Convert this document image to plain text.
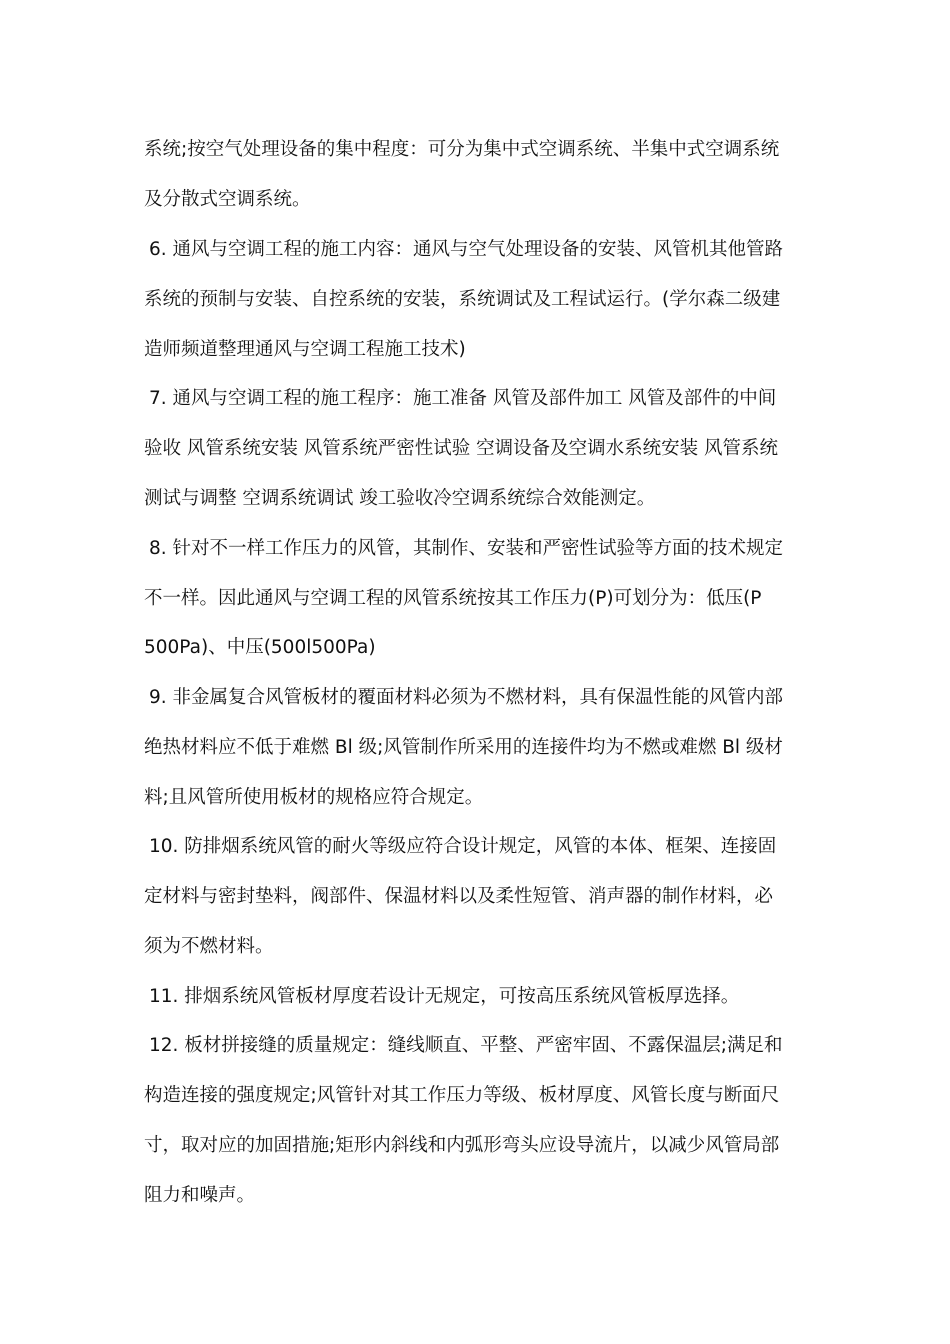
系统;按空气处理设备的集中程度：可分为集中式空调系统、半集中式空调系统
及分散式空调系统。
6. 通风与空调工程的施工内容：通风与空气处理设备的安装、风管机其他管路
系统的预制与安装、自控系统的安装，系统调试及工程试运行。(学尔森二级建
造师频道整理通风与空调工程施工技术)
7. 通风与空调工程的施工程序：施工准备 风管及部件加工 风管及部件的中间
验收 风管系统安装 风管系统严密性试验 空调设备及空调水系统安装 风管系统
测试与调整 空调系统调试 竣工验收冷空调系统综合效能测定。
8. 针对不一样工作压力的风管，其制作、安装和严密性试验等方面的技术规定
不一样。因此通风与空调工程的风管系统按其工作压力(P)可划分为：低压(P
500Pa)、中压(500l500Pa)
9. 非金属复合风管板材的覆面材料必须为不燃材料，具有保温性能的风管内部
绝热材料应不低于难燃 Bl 级;风管制作所采用的连接件均为不燃或难燃 Bl 级材
料;且风管所使用板材的规格应符合规定。
10. 防排烟系统风管的耐火等级应符合设计规定，风管的本体、框架、连接固
定材料与密封垫料，阀部件、保温材料以及柔性短管、消声器的制作材料，必
须为不燃材料。
11. 排烟系统风管板材厚度若设计无规定，可按高压系统风管板厚选择。
12. 板材拼接缝的质量规定：缝线顺直、平整、严密牢固、不露保温层;满足和
构造连接的强度规定;风管针对其工作压力等级、板材厚度、风管长度与断面尺
寸，取对应的加固措施;矩形内斜线和内弧形弯头应设导流片，以减少风管局部
阻力和噪声。
